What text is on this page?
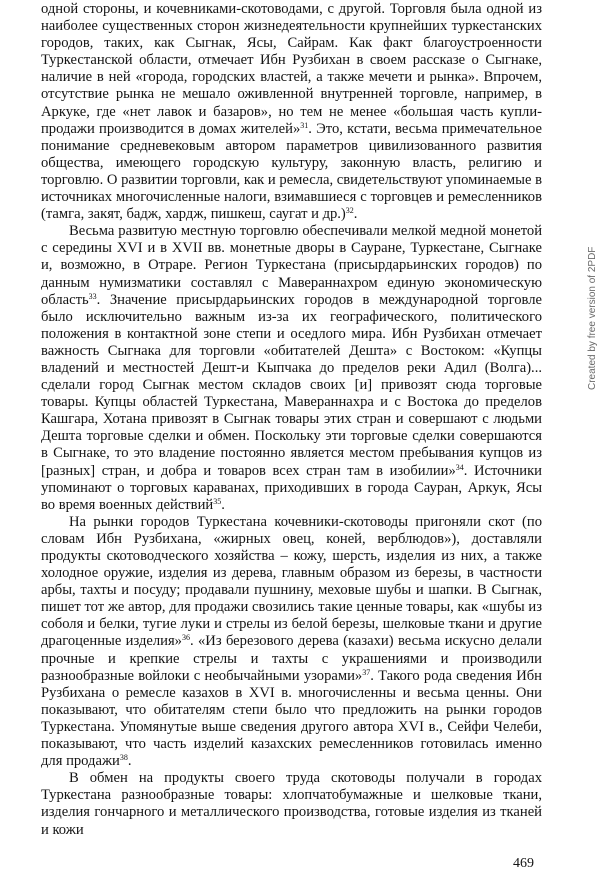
одной стороны, и кочевниками-скотоводами, с другой. Торговля была одной из наиболее существенных сторон жизнедеятельности крупнейших туркестанских городов, таких, как Сыгнак, Ясы, Сайрам. Как факт благоустроенности Туркестанской области, отмечает Ибн Рузбихан в своем рассказе о Сыгнаке, наличие в ней «города, городских властей, а также мечети и рынка». Впрочем, отсутствие рынка не мешало оживленной внутренней торговле, например, в Аркуке, где «нет лавок и базаров», но тем не менее «большая часть купли-продажи производится в домах жителей»$^{31}$. Это, кстати, весьма примечательное понимание средневековым автором параметров цивилизованного развития общества, имеющего городскую культуру, законную власть, религию и торговлю. О развитии торговли, как и ремесла, свидетельствуют упоминаемые в источниках многочисленные налоги, взимавшиеся с торговцев и ремесленников (тамга, закят, бадж, хардж, пишкеш, саугат и др.)$^{32}$.

Весьма развитую местную торговлю обеспечивали мелкой медной монетой с середины XVI и в XVII вв. монетные дворы в Сауране, Туркестане, Сыгнаке и, возможно, в Отраре. Регион Туркестана (присырдарьинских городов) по данным нумизматики составлял с Мавераннахром единую экономическую область$^{33}$. Значение присырдарьинских городов в международной торговле было исключительно важным из-за их географического, политического положения в контактной зоне степи и оседлого мира. Ибн Рузбихан отмечает важность Сыгнака для торговли «обитателей Дешта» с Востоком: «Купцы владений и местностей Дешт-и Кыпчака до пределов реки Адил (Волга)... сделали город Сыгнак местом складов своих [и] привозят сюда торговые товары. Купцы областей Туркестана, Мавераннахра и с Востока до пределов Кашгара, Хотана привозят в Сыгнак товары этих стран и совершают с людьми Дешта торговые сделки и обмен. Поскольку эти торговые сделки совершаются в Сыгнаке, то это владение постоянно является местом пребывания купцов из [разных] стран, и добра и товаров всех стран там в изобилии»$^{34}$. Источники упоминают о торговых караванах, приходивших в города Сауран, Аркук, Ясы во время военных действий$^{35}$.

На рынки городов Туркестана кочевники-скотоводы пригоняли скот (по словам Ибн Рузбихана, «жирных овец, коней, верблюдов»), доставляли продукты скотоводческого хозяйства – кожу, шерсть, изделия из них, а также холодное оружие, изделия из дерева, главным образом из березы, в частности арбы, тахты и посуду; продавали пушнину, меховые шубы и шапки. В Сыгнак, пишет тот же автор, для продажи свозились такие ценные товары, как «шубы из соболя и белки, тугие луки и стрелы из белой березы, шелковые ткани и другие драгоценные изделия»$^{36}$. «Из березового дерева (казахи) весьма искусно делали прочные и крепкие стрелы и тахты с украшениями и производили разнообразные войлоки с необычайными узорами»$^{37}$. Такого рода сведения Ибн Рузбихана о ремесле казахов в XVI в. многочисленны и весьма ценны. Они показывают, что обитателям степи было что предложить на рынки городов Туркестана. Упомянутые выше сведения другого автора XVI в., Сейфи Челеби, показывают, что часть изделий казахских ремесленников готовилась именно для продажи$^{38}$.

В обмен на продукты своего труда скотоводы получали в городах Туркестана разнообразные товары: хлопчатобумажные и шелковые ткани, изделия гончарного и металлического производства, готовые изделия из тканей и кожи

469
Created by free version of 2PDF
